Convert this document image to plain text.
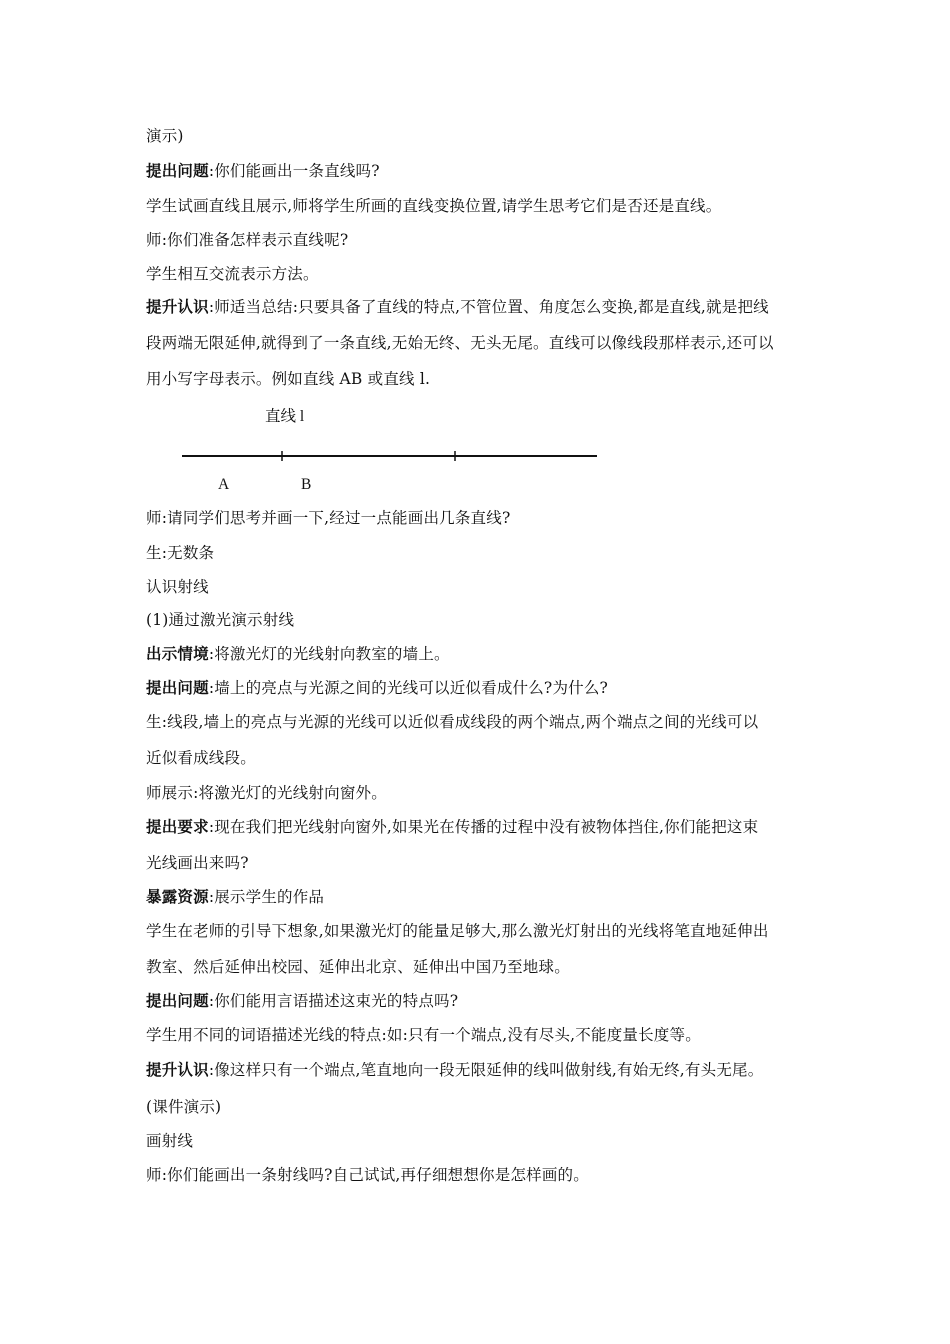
演示)
提出问题:你们能画出一条直线吗?
学生试画直线且展示,师将学生所画的直线变换位置,请学生思考它们是否还是直线。
师:你们准备怎样表示直线呢?
学生相互交流表示方法。
提升认识:师适当总结:只要具备了直线的特点,不管位置、角度怎么变换,都是直线,就是把线
段两端无限延伸,就得到了一条直线,无始无终、无头无尾。直线可以像线段那样表示,还可以
用小写字母表示。例如直线 AB 或直线 l.
直线 l
A	B
师:请同学们思考并画一下,经过一点能画出几条直线?
生:无数条
认识射线
(1)通过激光演示射线
出示情境:将激光灯的光线射向教室的墙上。
提出问题:墙上的亮点与光源之间的光线可以近似看成什么?为什么?
生:线段,墙上的亮点与光源的光线可以近似看成线段的两个端点,两个端点之间的光线可以
近似看成线段。
师展示:将激光灯的光线射向窗外。
提出要求:现在我们把光线射向窗外,如果光在传播的过程中没有被物体挡住,你们能把这束
光线画出来吗?
暴露资源:展示学生的作品
学生在老师的引导下想象,如果激光灯的能量足够大,那么激光灯射出的光线将笔直地延伸出
教室、然后延伸出校园、延伸出北京、延伸出中国乃至地球。
提出问题:你们能用言语描述这束光的特点吗?
学生用不同的词语描述光线的特点:如:只有一个端点,没有尽头,不能度量长度等。
提升认识:像这样只有一个端点,笔直地向一段无限延伸的线叫做射线,有始无终,有头无尾。
(课件演示)
画射线
师:你们能画出一条射线吗?自己试试,再仔细想想你是怎样画的。
